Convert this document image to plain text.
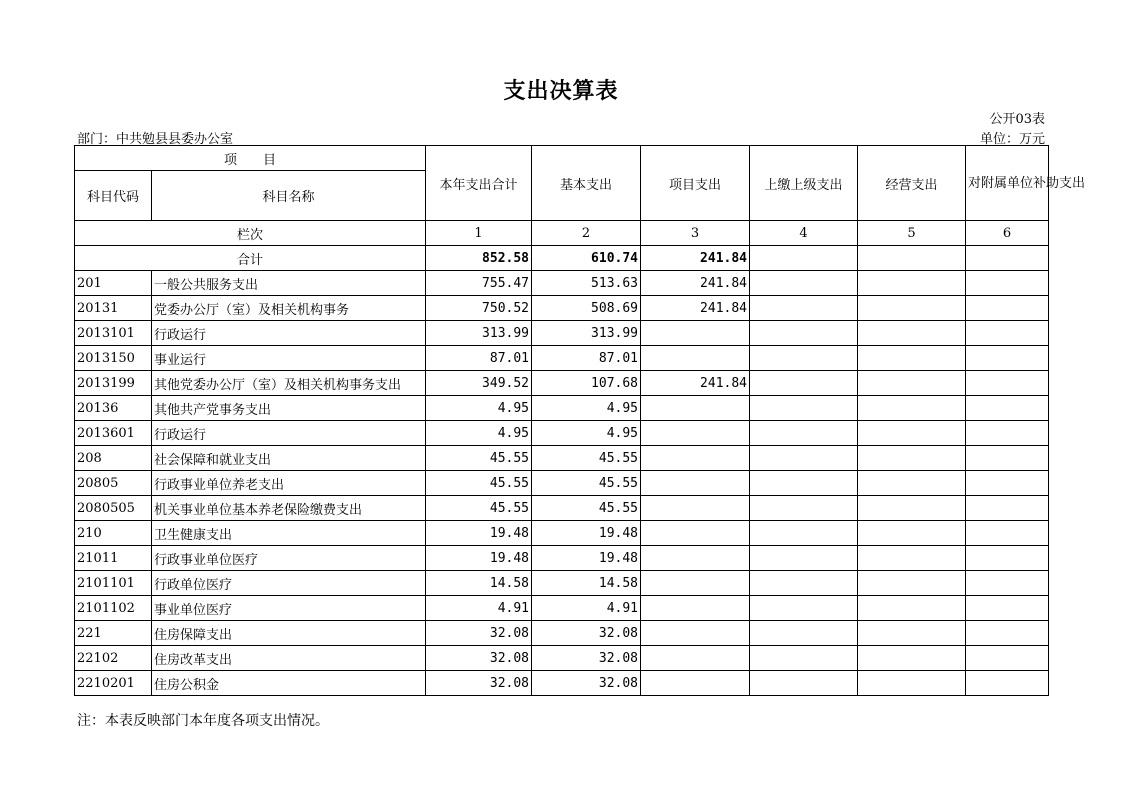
支出决算表
公开03表
部门：中共勉县县委办公室	单位：万元
项　　目		本年支出合计	基本支出	项目支出	上缴上级支出	经营支出	对附属单位补助支出
科目代码	科目名称						
栏次		1	2	3	4	5	6
合计		852.58	610.74	241.84			
201	一般公共服务支出	755.47	513.63	241.84			
20131	党委办公厅（室）及相关机构事务	750.52	508.69	241.84			
2013101	行政运行	313.99	313.99				
2013150	事业运行	87.01	87.01				
2013199	其他党委办公厅（室）及相关机构事务支出	349.52	107.68	241.84			
20136	其他共产党事务支出	4.95	4.95				
2013601	行政运行	4.95	4.95				
208	社会保障和就业支出	45.55	45.55				
20805	行政事业单位养老支出	45.55	45.55				
2080505	机关事业单位基本养老保险缴费支出	45.55	45.55				
210	卫生健康支出	19.48	19.48				
21011	行政事业单位医疗	19.48	19.48				
2101101	行政单位医疗	14.58	14.58				
2101102	事业单位医疗	4.91	4.91				
221	住房保障支出	32.08	32.08				
22102	住房改革支出	32.08	32.08				
2210201	住房公积金	32.08	32.08				
注：本表反映部门本年度各项支出情况。
